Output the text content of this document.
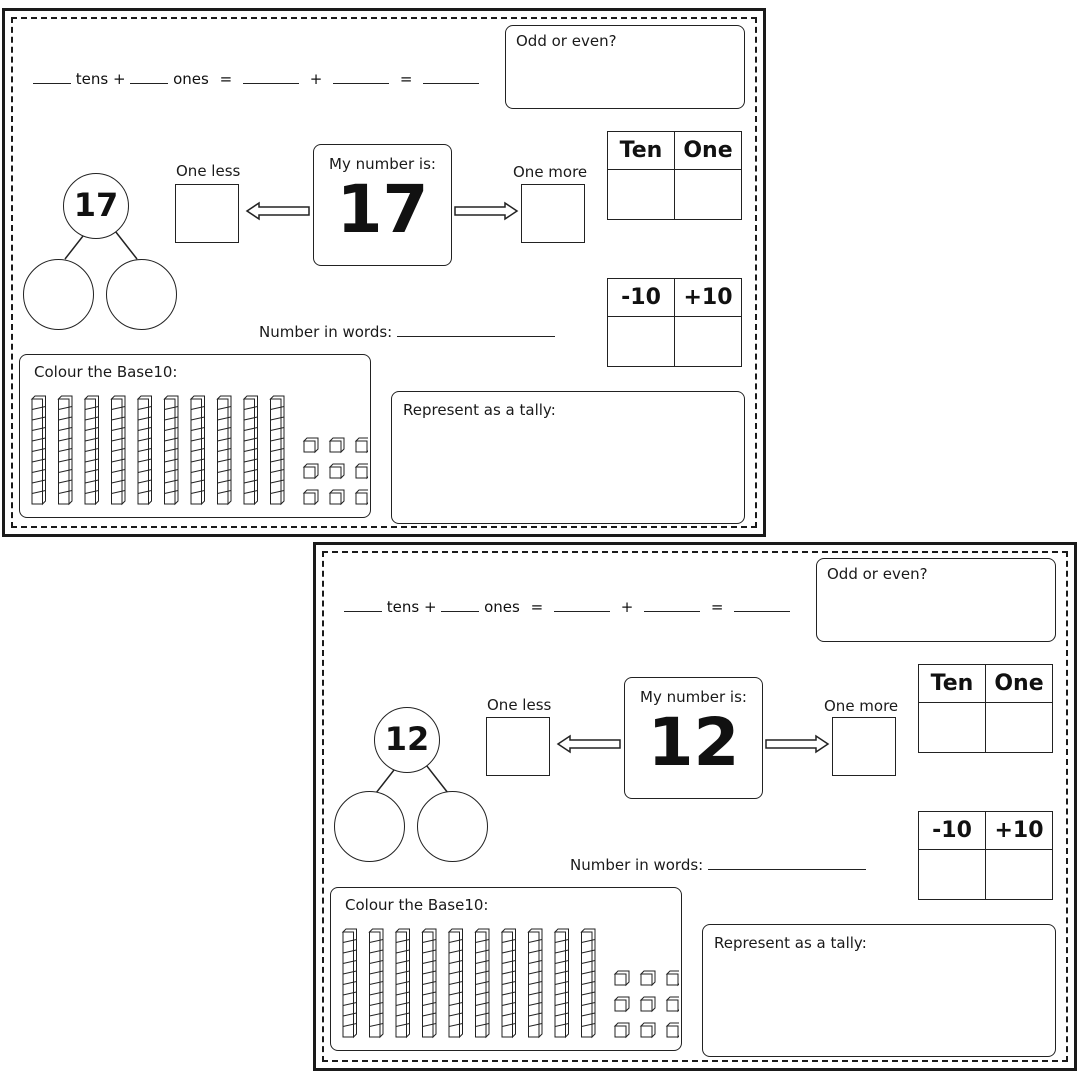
tens +	ones =	+	=
Odd or even?
17
One less	My number is:
17	One more
Ten	One

-10	+10

Number in words:
Colour the Base10:
Represent as a tally:
tens +	ones =	+	=
Odd or even?
12
One less	My number is:
12	One more
Ten	One

-10	+10

Number in words:
Colour the Base10:
Represent as a tally:
